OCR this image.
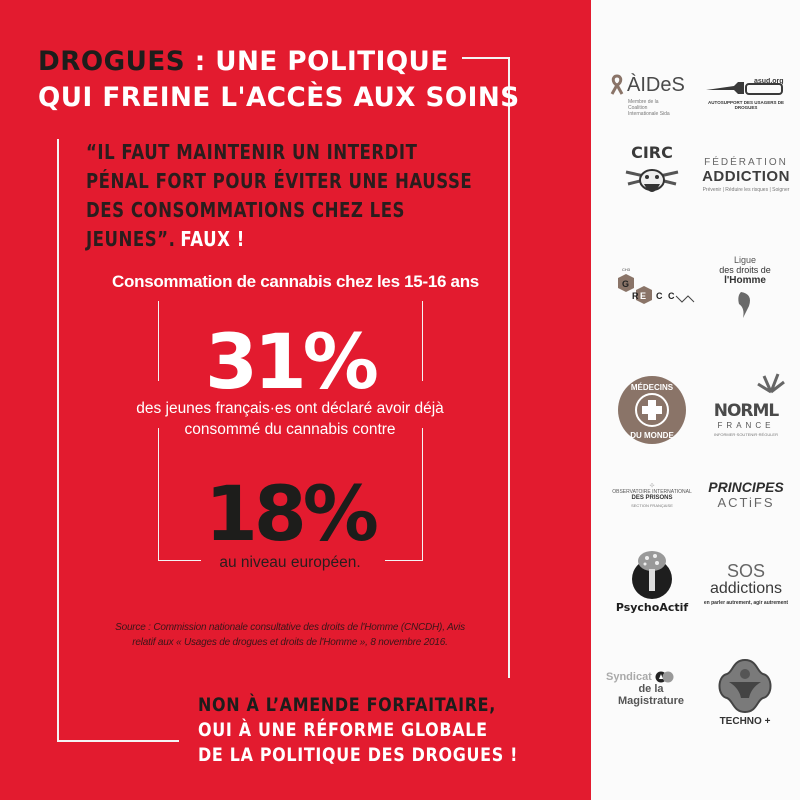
DROGUES : UNE POLITIQUE
QUI FREINE L'ACCÈS AUX SOINS
“IL FAUT MAINTENIR UN INTERDIT
PÉNAL FORT POUR ÉVITER UNE HAUSSE
DES CONSOMMATIONS CHEZ LES
JEUNES”. FAUX !
Consommation de cannabis chez les 15-16 ans
31%
des jeunes français·es ont déclaré avoir déjà
consommé du cannabis contre
18%
au niveau européen.
Source : Commission nationale consultative des droits de l'Homme (CNCDH), Avis
relatif aux « Usages de drogues et droits de l'Homme », 8 novembre 2016.
NON À L’AMENDE FORFAITAIRE,
OUI À UNE RÉFORME GLOBALE
DE LA POLITIQUE DES DROGUES !
ÀIDeS
Membre de la Coalition Internationale Sida
asud.org
AUTOSUPPORT DES USAGERS DE DROGUES
CIRC
FÉDÉRATION
ADDICTION
Prévenir | Réduire les risques | Soigner
G
R E C C
CH3
Ligue
des droits de
l'Homme
MÉDECINS
DU MONDE
NORML
FRANCE
INFORMER·SOUTENIR·RÉGULER
⊹
OBSERVATOIRE INTERNATIONAL
DES PRISONS
SECTION FRANÇAISE
PRINCIPES
ACTiFS
PsychoActif
SOS
addictions
en parler autrement, agir autrement
Syndicat
de la Magistrature
TECHNO +
